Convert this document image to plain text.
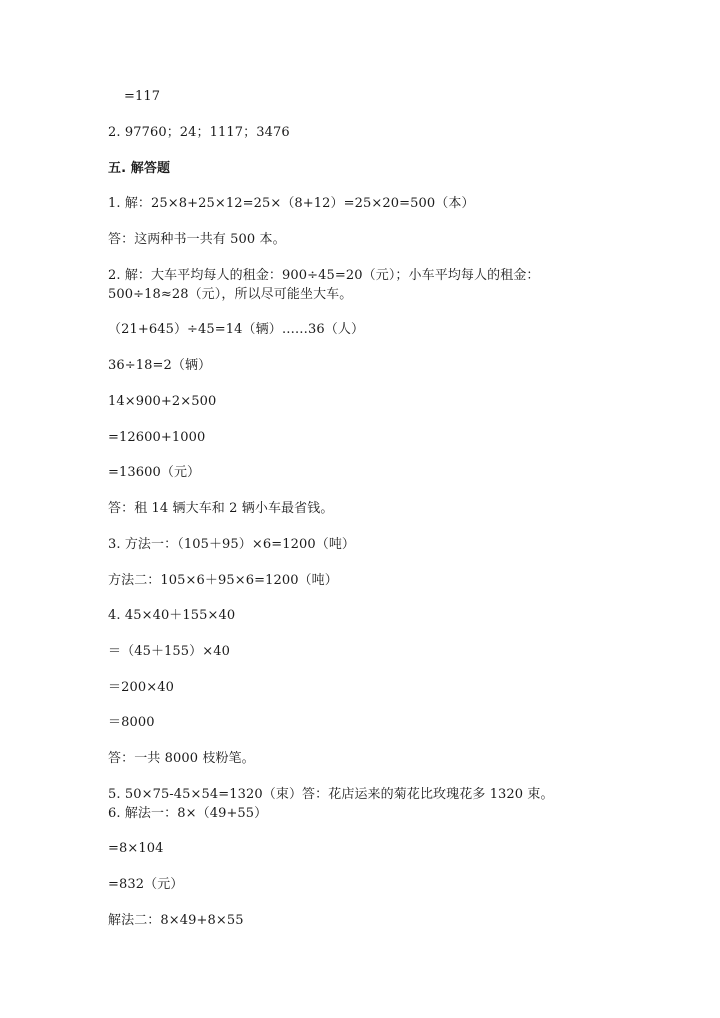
=117
2. 97760；24；1117；3476
五. 解答题
1. 解：25×8+25×12=25×（8+12）=25×20=500（本）
答：这两种书一共有 500 本。
2. 解：大车平均每人的租金：900÷45=20（元）；小车平均每人的租金：
500÷18≈28（元），所以尽可能坐大车。
（21+645）÷45=14（辆）……36（人）
36÷18=2（辆）
14×900+2×500
=12600+1000
=13600（元）
答：租 14 辆大车和 2 辆小车最省钱。
3. 方法一：（105＋95）×6=1200（吨）
方法二：105×6＋95×6=1200（吨）
4. 45×40＋155×40
＝（45＋155）×40
＝200×40
＝8000
答：一共 8000 枝粉笔。
5. 50×75-45×54=1320（束）答：花店运来的菊花比玫瑰花多 1320 束。
6. 解法一：8×（49+55）
=8×104
=832（元）
解法二：8×49+8×55
